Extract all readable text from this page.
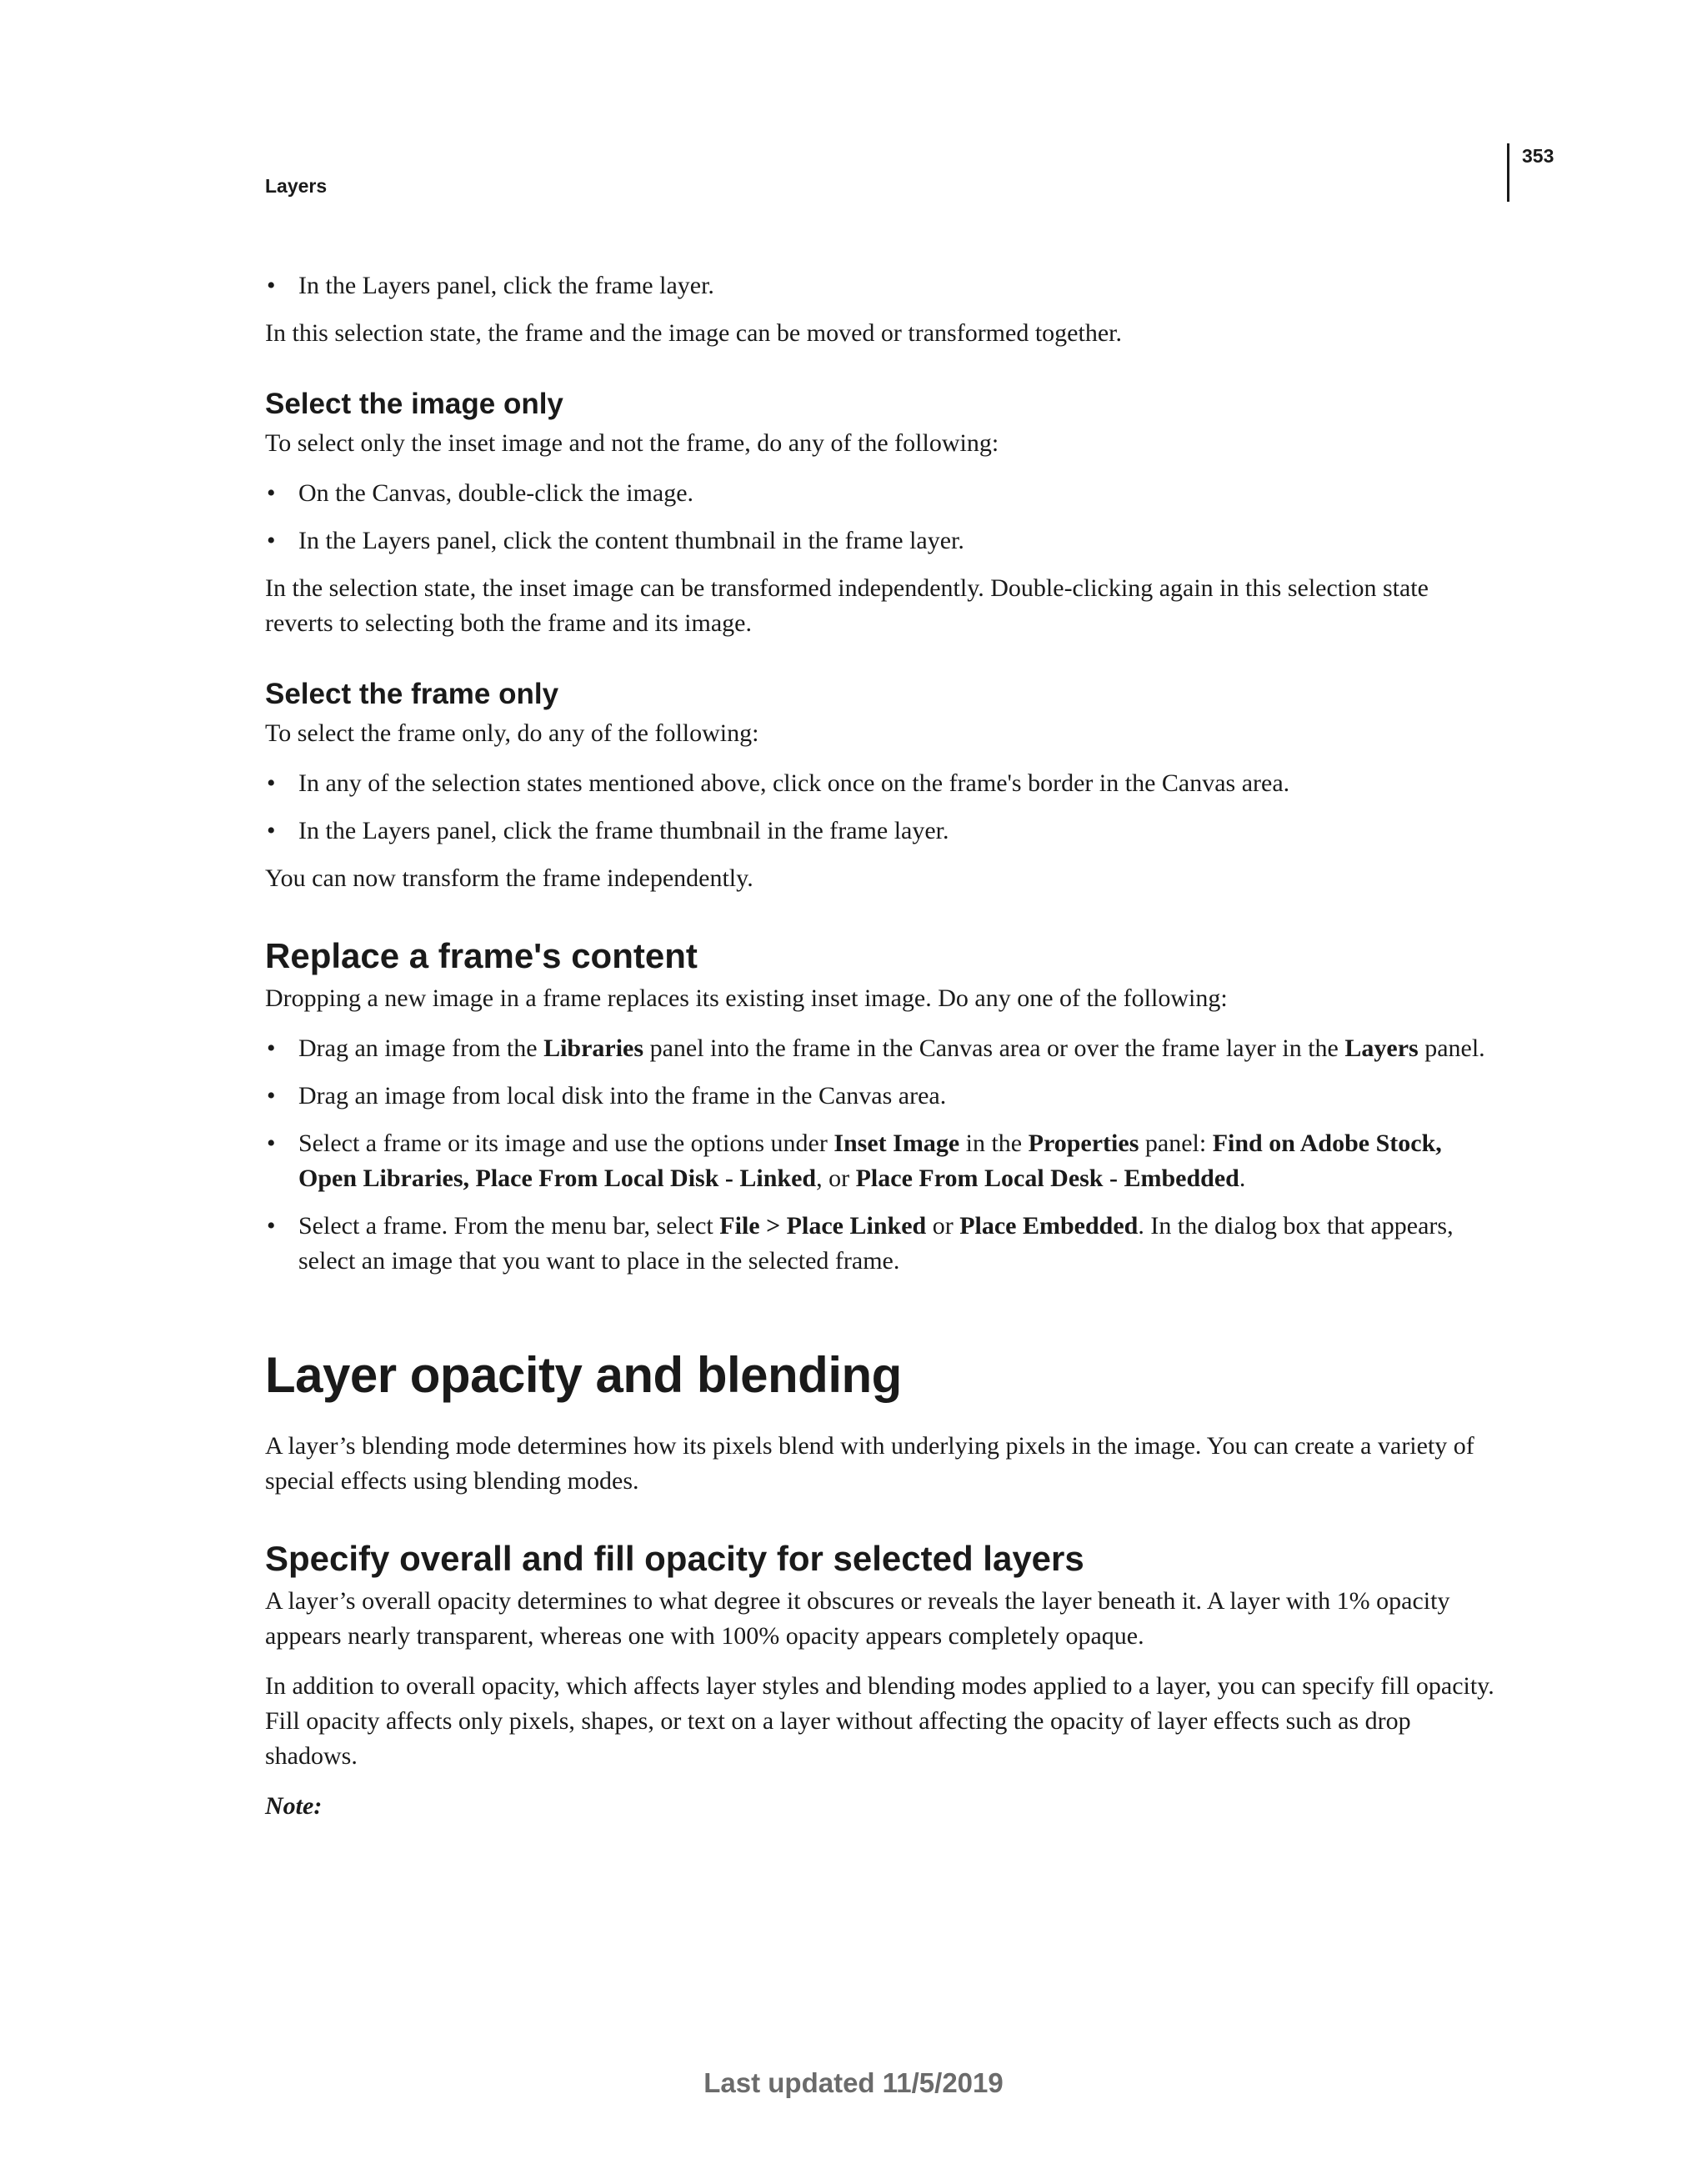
Layers
353
• In the Layers panel, click the frame layer.

In this selection state, the frame and the image can be moved or transformed together.

Select the image only

To select only the inset image and not the frame, do any of the following:

• On the Canvas, double-click the image.
• In the Layers panel, click the content thumbnail in the frame layer.

In the selection state, the inset image can be transformed independently. Double-clicking again in this selection state reverts to selecting both the frame and its image.

Select the frame only

To select the frame only, do any of the following:

• In any of the selection states mentioned above, click once on the frame's border in the Canvas area.
• In the Layers panel, click the frame thumbnail in the frame layer.

You can now transform the frame independently.

Replace a frame's content

Dropping a new image in a frame replaces its existing inset image. Do any one of the following:

• Drag an image from the Libraries panel into the frame in the Canvas area or over the frame layer in the Layers panel.
• Drag an image from local disk into the frame in the Canvas area.
• Select a frame or its image and use the options under Inset Image in the Properties panel: Find on Adobe Stock, Open Libraries, Place From Local Disk - Linked, or Place From Local Desk - Embedded.
• Select a frame. From the menu bar, select File > Place Linked or Place Embedded. In the dialog box that appears, select an image that you want to place in the selected frame.
Layer opacity and blending

A layer’s blending mode determines how its pixels blend with underlying pixels in the image. You can create a variety of special effects using blending modes.

Specify overall and fill opacity for selected layers

A layer’s overall opacity determines to what degree it obscures or reveals the layer beneath it. A layer with 1% opacity appears nearly transparent, whereas one with 100% opacity appears completely opaque.

In addition to overall opacity, which affects layer styles and blending modes applied to a layer, you can specify fill opacity. Fill opacity affects only pixels, shapes, or text on a layer without affecting the opacity of layer effects such as drop shadows.

Note:

Last updated 11/5/2019
